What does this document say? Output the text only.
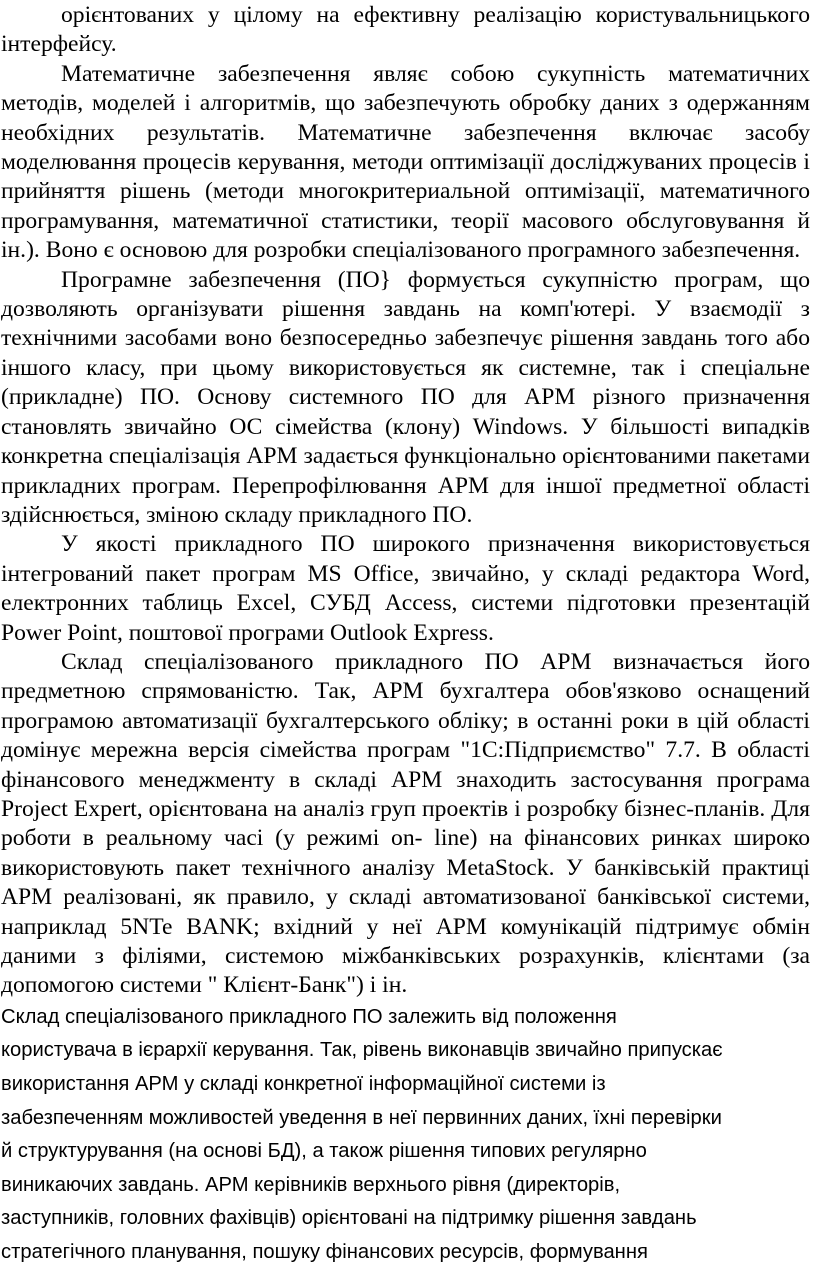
орієнтованих у цілому на ефективну реалізацію користувальницького інтерфейсу.

Математичне забезпечення являє собою сукупність математичних методів, моделей і алгоритмів, що забезпечують обробку даних з одержанням необхідних результатів. Математичне забезпечення включає засобу моделювання процесів керування, методи оптимізації досліджуваних процесів і прийняття рішень (методи многокритериальной оптимізації, математичного програмування, математичної статистики, теорії масового обслуговування й ін.). Воно є основою для розробки спеціалізованого програмного забезпечення.

Програмне забезпечення (ПО} формується сукупністю програм, що дозволяють організувати рішення завдань на комп'ютері. У взаємодії з технічними засобами воно безпосередньо забезпечує рішення завдань того або іншого класу, при цьому використовується як системне, так і спеціальне (прикладне) ПО. Основу системного ПО для АРМ різного призначення становлять звичайно ОС сімейства (клону) Windows. У більшості випадків конкретна спеціалізація АРМ задається функціонально орієнтованими пакетами прикладних програм. Перепрофілювання АРМ для іншої предметної області здійснюється, зміною складу прикладного ПО.

У якості прикладного ПО широкого призначення використовується інтегрований пакет програм MS Office, звичайно, у складі редактора Word, електронних таблиць Excel, СУБД Access, системи підготовки презентацій Power Point, поштової програми Outlook Express.

Склад спеціалізованого прикладного ПО АРМ визначається його предметною спрямованістю. Так, АРМ бухгалтера обов'язково оснащений програмою автоматизації бухгалтерського обліку; в останні роки в цій області домінує мережна версія сімейства програм "1С:Підприємство" 7.7. В області фінансового менеджменту в складі АРМ знаходить застосування програма Project Expert, орієнтована на аналіз груп проектів і розробку бізнес-планів. Для роботи в реальному часі (у режимі on- line) на фінансових ринках широко використовують пакет технічного аналізу MetaStock. У банківській практиці АРМ реалізовані, як правило, у складі автоматизованої банківської системи, наприклад 5NTe BANK; вхідний у неї АРМ комунікацій підтримує обмін даними з філіями, системою міжбанківських розрахунків, клієнтами (за допомогою системи " Клієнт-Банк") і ін.

Склад спеціалізованого прикладного ПО залежить від положення
користувача в ієрархії керування. Так, рівень виконавців звичайно припускає
використання АРМ у складі конкретної інформаційної системи із
забезпеченням можливостей уведення в неї первинних даних, їхні перевірки
й структурування (на основі БД), а також рішення типових регулярно
виникаючих завдань. АРМ керівників верхнього рівня (директорів,
заступників, головних фахівців) орієнтовані на підтримку рішення завдань
стратегічного планування, пошуку фінансових ресурсів, формування
